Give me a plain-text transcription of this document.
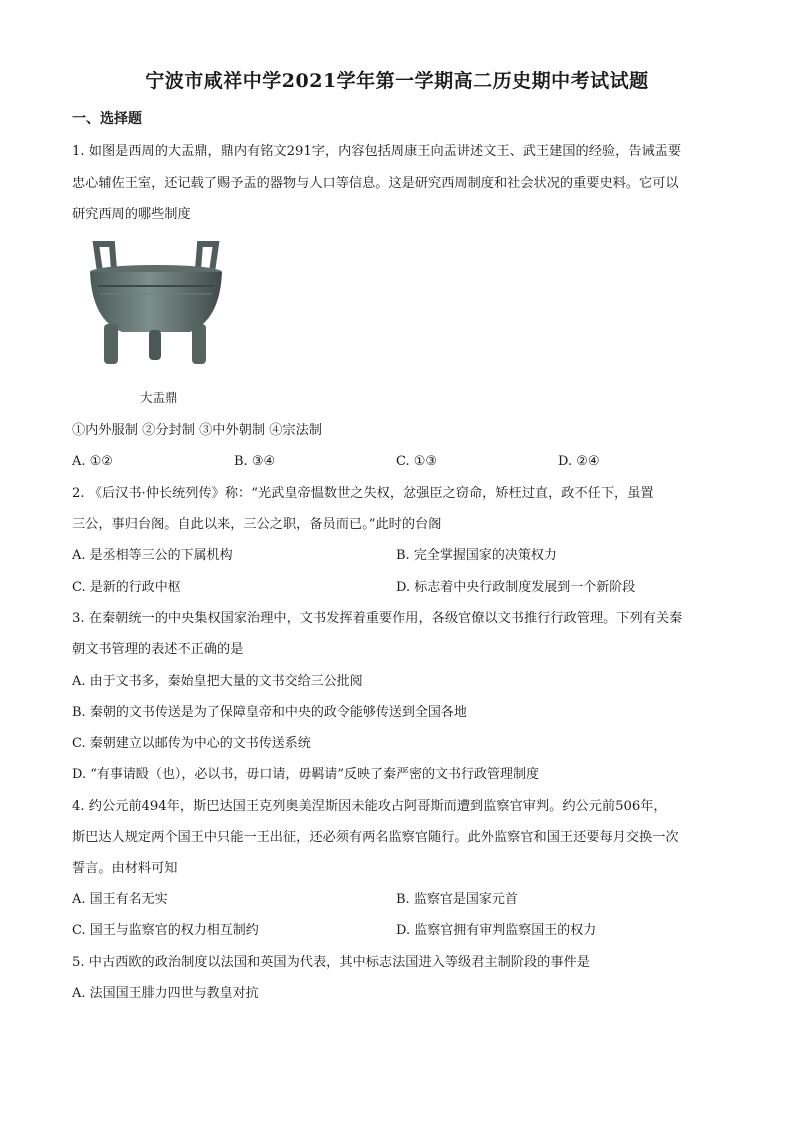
宁波市咸祥中学2021学年第一学期高二历史期中考试试题
一、选择题
1. 如图是西周的大盂鼎，鼎内有铭文291字，内容包括周康王向盂讲述文王、武王建国的经验，告诫盂要
忠心辅佐王室，还记载了赐予盂的器物与人口等信息。这是研究西周制度和社会状况的重要史料。它可以
研究西周的哪些制度
大盂鼎
①内外服制 ②分封制 ③中外朝制 ④宗法制
A. ①②	B. ③④	C. ①③	D. ②④
2. 《后汉书·仲长统列传》称：“光武皇帝愠数世之失权，忿强臣之窃命，矫枉过直，政不任下，虽置
三公，事归台阁。自此以来，三公之职，备员而已。”此时的台阁
A. 是丞相等三公的下属机构	B. 完全掌握国家的决策权力
C. 是新的行政中枢	D. 标志着中央行政制度发展到一个新阶段
3. 在秦朝统一的中央集权国家治理中，文书发挥着重要作用，各级官僚以文书推行行政管理。下列有关秦
朝文书管理的表述不正确的是
A. 由于文书多，秦始皇把大量的文书交给三公批阅
B. 秦朝的文书传送是为了保障皇帝和中央的政令能够传送到全国各地
C. 秦朝建立以邮传为中心的文书传送系统
D. “有事请殹（也），必以书，毋口请，毋羁请”反映了秦严密的文书行政管理制度
4. 约公元前494年，斯巴达国王克列奥美涅斯因未能攻占阿哥斯而遭到监察官审判。约公元前506年，
斯巴达人规定两个国王中只能一王出征，还必须有两名监察官随行。此外监察官和国王还要每月交换一次
誓言。由材料可知
A. 国王有名无实	B. 监察官是国家元首
C. 国王与监察官的权力相互制约	D. 监察官拥有审判监察国王的权力
5. 中古西欧的政治制度以法国和英国为代表，其中标志法国进入等级君主制阶段的事件是
A. 法国国王腓力四世与教皇对抗
